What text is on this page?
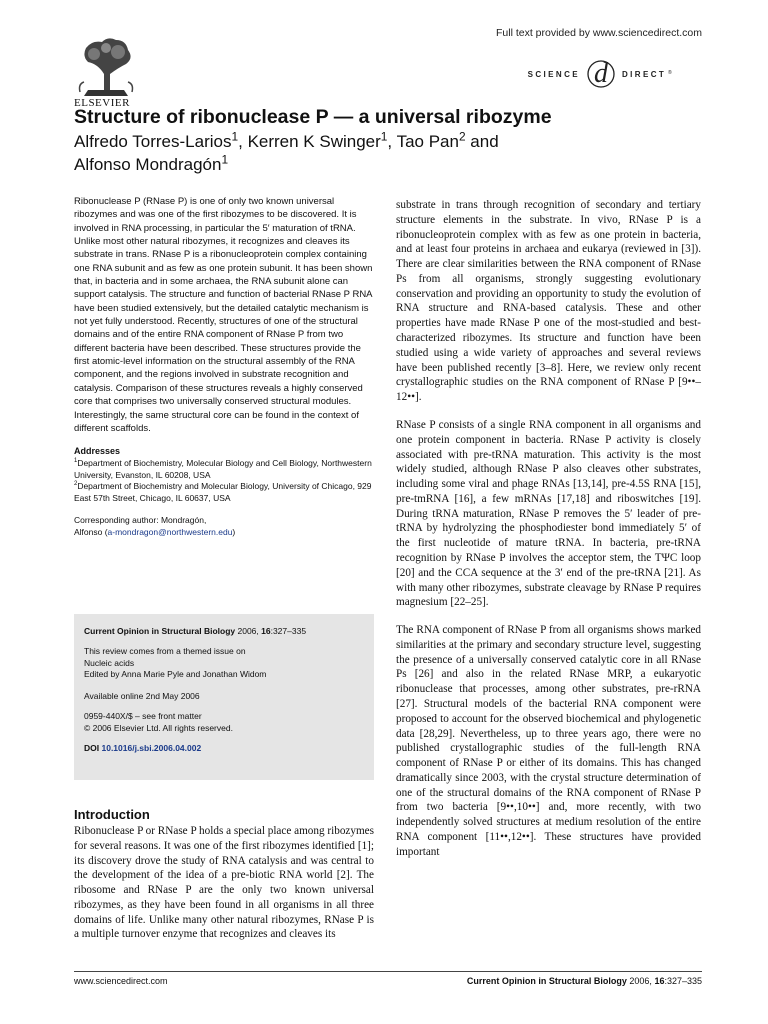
ELSEVIER
Full text provided by www.sciencedirect.com
SCIENCE d DIRECT ®
Structure of ribonuclease P — a universal ribozyme
Alfredo Torres-Larios$^1$, Kerren K Swinger$^1$, Tao Pan$^2$ and
Alfonso Mondragón$^1$

Ribonuclease P (RNase P) is one of only two known universal ribozymes and was one of the first ribozymes to be discovered. It is involved in RNA processing, in particular the 5′ maturation of tRNA. Unlike most other natural ribozymes, it recognizes and cleaves its substrate in trans. RNase P is a ribonucleoprotein complex containing one RNA subunit and as few as one protein subunit. It has been shown that, in bacteria and in some archaea, the RNA subunit alone can support catalysis. The structure and function of bacterial RNase P RNA have been studied extensively, but the detailed catalytic mechanism is not yet fully understood. Recently, structures of one of the structural domains and of the entire RNA component of RNase P from two different bacteria have been described. These structures provide the first atomic-level information on the structural assembly of the RNA component, and the regions involved in substrate recognition and catalysis. Comparison of these structures reveals a highly conserved core that comprises two universally conserved structural modules. Interestingly, the same structural core can be found in the context of different scaffolds.

Addresses

$^1$Department of Biochemistry, Molecular Biology and Cell Biology, Northwestern University, Evanston, IL 60208, USA

$^2$Department of Biochemistry and Molecular Biology, University of Chicago, 929 East 57th Street, Chicago, IL 60637, USA

Corresponding author: Mondragón,
Alfonso (a-mondragon@northwestern.edu)

Current Opinion in Structural Biology 2006, 16:327–335

This review comes from a themed issue on

Nucleic acids

Edited by Anna Marie Pyle and Jonathan Widom

Available online 2nd May 2006

0959-440X/$ – see front matter

© 2006 Elsevier Ltd. All rights reserved.

DOI 10.1016/j.sbi.2006.04.002

Introduction

Ribonuclease P or RNase P holds a special place among ribozymes for several reasons. It was one of the first ribozymes identified [1]; its discovery drove the study of RNA catalysis and was central to the development of the idea of a pre-biotic RNA world [2]. The ribosome and RNase P are the only two known universal ribozymes, as they have been found in all organisms in all three domains of life. Unlike many other natural ribozymes, RNase P is a multiple turnover enzyme that recognizes and cleaves its

substrate in trans through recognition of secondary and tertiary structure elements in the substrate. In vivo, RNase P is a ribonucleoprotein complex with as few as one protein in bacteria, and at least four proteins in archaea and eukarya (reviewed in [3]). There are clear similarities between the RNA component of RNase Ps from all organisms, strongly suggesting evolutionary conservation and providing an opportunity to study the evolution of RNA structure and RNA-based catalysis. These and other properties have made RNase P one of the most-studied and best-characterized ribozymes. Its structure and function have been studied using a wide variety of approaches and several reviews have been published recently [3–8]. Here, we review only recent crystallographic studies on the RNA component of RNase P [9••–12••].

RNase P consists of a single RNA component in all organisms and one protein component in bacteria. RNase P activity is closely associated with pre-tRNA maturation. This activity is the most widely studied, although RNase P also cleaves other substrates, including some viral and phage RNAs [13,14], pre-4.5S RNA [15], pre-tmRNA [16], a few mRNAs [17,18] and riboswitches [19]. During tRNA maturation, RNase P removes the 5′ leader of pre-tRNA by hydrolyzing the phosphodiester bond immediately 5′ of the first nucleotide of mature tRNA. In bacteria, pre-tRNA recognition by RNase P involves the acceptor stem, the TΨC loop [20] and the CCA sequence at the 3′ end of the pre-tRNA [21]. As with many other ribozymes, substrate cleavage by RNase P requires magnesium [22–25].

The RNA component of RNase P from all organisms shows marked similarities at the primary and secondary structure level, suggesting the presence of a universally conserved catalytic core in all RNase Ps [26] and also in the related RNase MRP, a eukaryotic ribonuclease that processes, among other substrates, pre-rRNA [27]. Structural models of the bacterial RNA component were proposed to account for the observed biochemical and phylogenetic data [28,29]. Nevertheless, up to three years ago, there were no published crystallographic studies of the full-length RNA component of RNase P or either of its domains. This has changed dramatically since 2003, with the crystal structure determination of one of the structural domains of the RNA component of RNase P from two bacteria [9••,10••] and, more recently, with two independently solved structures at medium resolution of the entire RNA component [11••,12••]. These structures have provided important

www.sciencedirect.com	Current Opinion in Structural Biology 2006, 16:327–335
